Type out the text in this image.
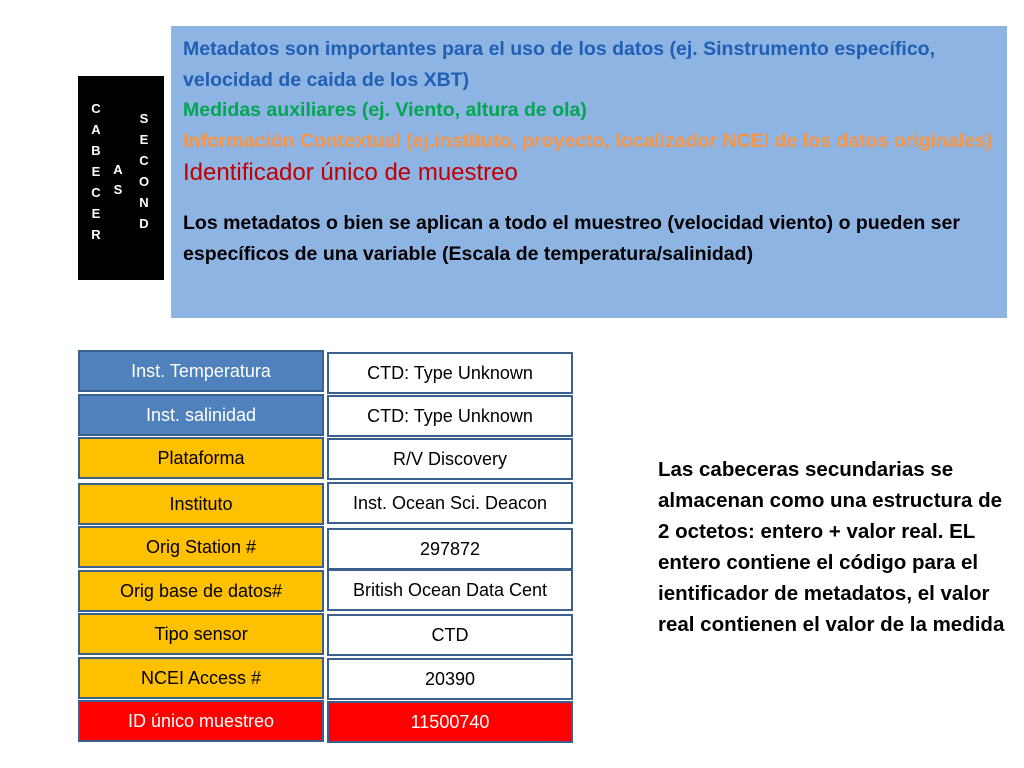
C
A
B
E
C
E
R
A
S
S
E
C
O
N
D

Metadatos son importantes para el uso de los datos (ej. Sinstrumento específico, velocidad de caida de los XBT)

Medidas auxiliares (ej. Viento, altura de ola)

Información Contextual (ej.instituto, proyecto, localizador NCEI de los datos originales)

Identificador único de muestreo

Los metadatos o bien se aplican a todo el muestreo (velocidad viento) o pueden ser específicos de una variable (Escala de temperatura/salinidad)

Inst. Temperatura	CTD: Type Unknown
Inst. salinidad	CTD: Type Unknown
Plataforma	R/V Discovery
Instituto	Inst. Ocean Sci. Deacon
Orig Station #	297872
Orig base de datos#	British Ocean Data Cent
Tipo sensor	CTD
NCEI Access #	20390
ID único muestreo	11500740
Las cabeceras secundarias se almacenan como una estructura de 2 octetos: entero + valor real. EL entero contiene el código para el ientificador de metadatos, el valor real contienen el valor de la medida
